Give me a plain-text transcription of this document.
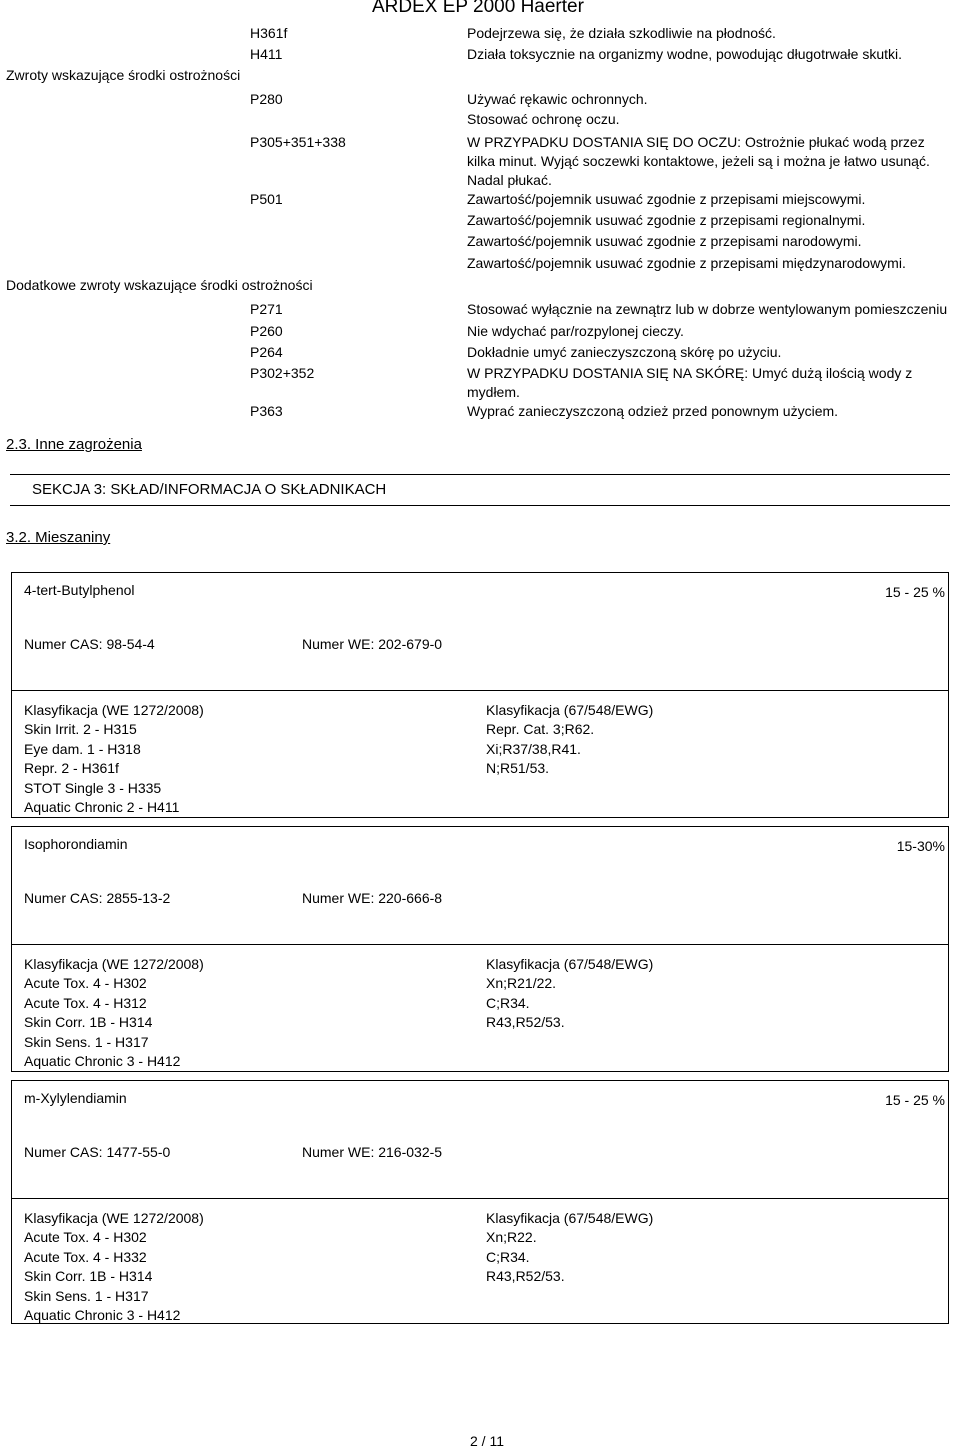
ARDEX EP 2000 Haerter
H361f	Podejrzewa się, że działa szkodliwie na płodność.
H411	Działa toksycznie na organizmy wodne, powodując długotrwałe skutki.
Zwroty wskazujące środki ostrożności
P280	Używać rękawic ochronnych.
Stosować ochronę oczu.
P305+351+338	W PRZYPADKU DOSTANIA SIĘ DO OCZU: Ostrożnie płukać wodą przez
kilka minut. Wyjąć soczewki kontaktowe, jeżeli są i można je łatwo usunąć.
Nadal płukać.
P501	Zawartość/pojemnik usuwać zgodnie z przepisami miejscowymi.
Zawartość/pojemnik usuwać zgodnie z przepisami regionalnymi.
Zawartość/pojemnik usuwać zgodnie z przepisami narodowymi.
Zawartość/pojemnik usuwać zgodnie z przepisami międzynarodowymi.
Dodatkowe zwroty wskazujące środki ostrożności
P271	Stosować wyłącznie na zewnątrz lub w dobrze wentylowanym pomieszczeniu
P260	Nie wdychać par/rozpylonej cieczy.
P264	Dokładnie umyć zanieczyszczoną skórę po użyciu.
P302+352	W PRZYPADKU DOSTANIA SIĘ NA SKÓRĘ: Umyć dużą ilością wody z
mydłem.
P363	Wyprać zanieczyszczoną odzież przed ponownym użyciem.
2.3. Inne zagrożenia
SEKCJA 3: SKŁAD/INFORMACJA O SKŁADNIKACH
3.2. Mieszaniny
4-tert-Butylphenol	15 - 25 %
Numer CAS: 98-54-4	Numer WE: 202-679-0
Klasyfikacja (WE 1272/2008)
Skin Irrit. 2 - H315
Eye dam. 1 - H318
Repr. 2 - H361f
STOT Single 3 - H335
Aquatic Chronic 2 - H411
Klasyfikacja (67/548/EWG)
Repr. Cat. 3;R62.
Xi;R37/38,R41.
N;R51/53.
Isophorondiamin	15-30%
Numer CAS: 2855-13-2	Numer WE: 220-666-8
Klasyfikacja (WE 1272/2008)
Acute Tox. 4 - H302
Acute Tox. 4 - H312
Skin Corr. 1B - H314
Skin Sens. 1 - H317
Aquatic Chronic 3 - H412
Klasyfikacja (67/548/EWG)
Xn;R21/22.
C;R34.
R43,R52/53.
m-Xylylendiamin	15 - 25 %
Numer CAS: 1477-55-0	Numer WE: 216-032-5
Klasyfikacja (WE 1272/2008)
Acute Tox. 4 - H302
Acute Tox. 4 - H332
Skin Corr. 1B - H314
Skin Sens. 1 - H317
Aquatic Chronic 3 - H412
Klasyfikacja (67/548/EWG)
Xn;R22.
C;R34.
R43,R52/53.
2 / 11
